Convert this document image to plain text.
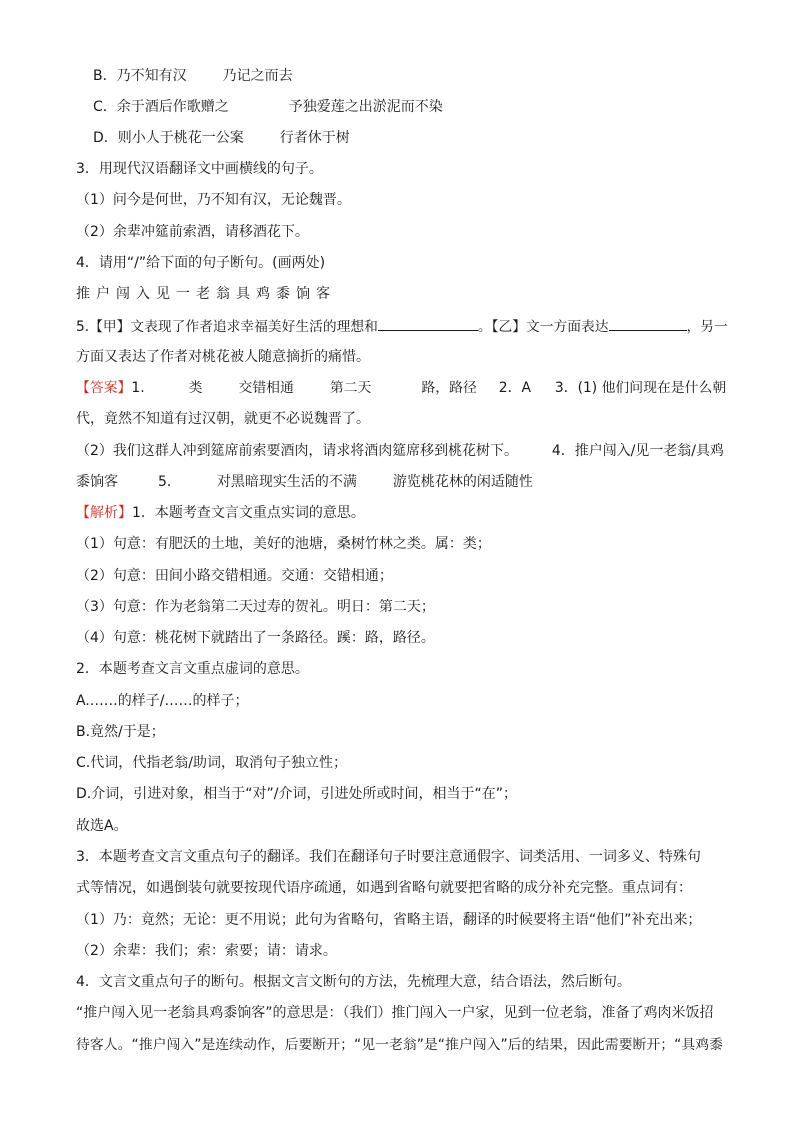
B．乃不知有汉	乃记之而去
C．余于酒后作歌赠之	予独爱莲之出淤泥而不染
D．则小人于桃花一公案	行者休于树
3．用现代汉语翻译文中画横线的句子。
（1）问今是何世，乃不知有汉，无论魏晋。
（2）余辈冲筵前索酒，请移酒花下。
4．请用“/”给下面的句子断句。(画两处)
推户闯入见一老翁具鸡黍饷客
5.【甲】文表现了作者追求幸福美好生活的理想和	。【乙】文一方面表达	，另一
方面又表达了作者对桃花被人随意摘折的痛惜。
【答案】1.	类	交错相通	第二天	路，路径 2．A 3．(1) 他们问现在是什么朝
代，竟然不知道有过汉朝，就更不必说魏晋了。
（2）我们这群人冲到筵席前索要酒肉，请求将酒肉筵席移到桃花树下。 4．推户闯入/见一老翁/具鸡
黍饷客	5．	对黑暗现实生活的不满	游览桃花林的闲适随性
【解析】1．本题考查文言文重点实词的意思。
（1）句意：有肥沃的土地，美好的池塘，桑树竹林之类。属：类；
（2）句意：田间小路交错相通。交通：交错相通；
（3）句意：作为老翁第二天过寿的贺礼。明日：第二天；
（4）句意：桃花树下就踏出了一条路径。蹊：路，路径。
2．本题考查文言文重点虚词的意思。
A.……的样子/……的样子；
B.竟然/于是；
C.代词，代指老翁/助词，取消句子独立性；
D.介词，引进对象，相当于“对”/介词，引进处所或时间，相当于“在”；
故选A。
3．本题考查文言文重点句子的翻译。我们在翻译句子时要注意通假字、词类活用、一词多义、特殊句
式等情况，如遇倒装句就要按现代语序疏通，如遇到省略句就要把省略的成分补充完整。重点词有：
（1）乃：竟然；无论：更不用说；此句为省略句，省略主语，翻译的时候要将主语“他们”补充出来；
（2）余辈：我们；索：索要；请：请求。
4．文言文重点句子的断句。根据文言文断句的方法，先梳理大意，结合语法，然后断句。
“推户闯入见一老翁具鸡黍饷客”的意思是：（我们）推门闯入一户家，见到一位老翁，准备了鸡肉米饭招
待客人。“推户闯入”是连续动作，后要断开；“见一老翁”是“推户闯入”后的结果，因此需要断开；“具鸡黍
